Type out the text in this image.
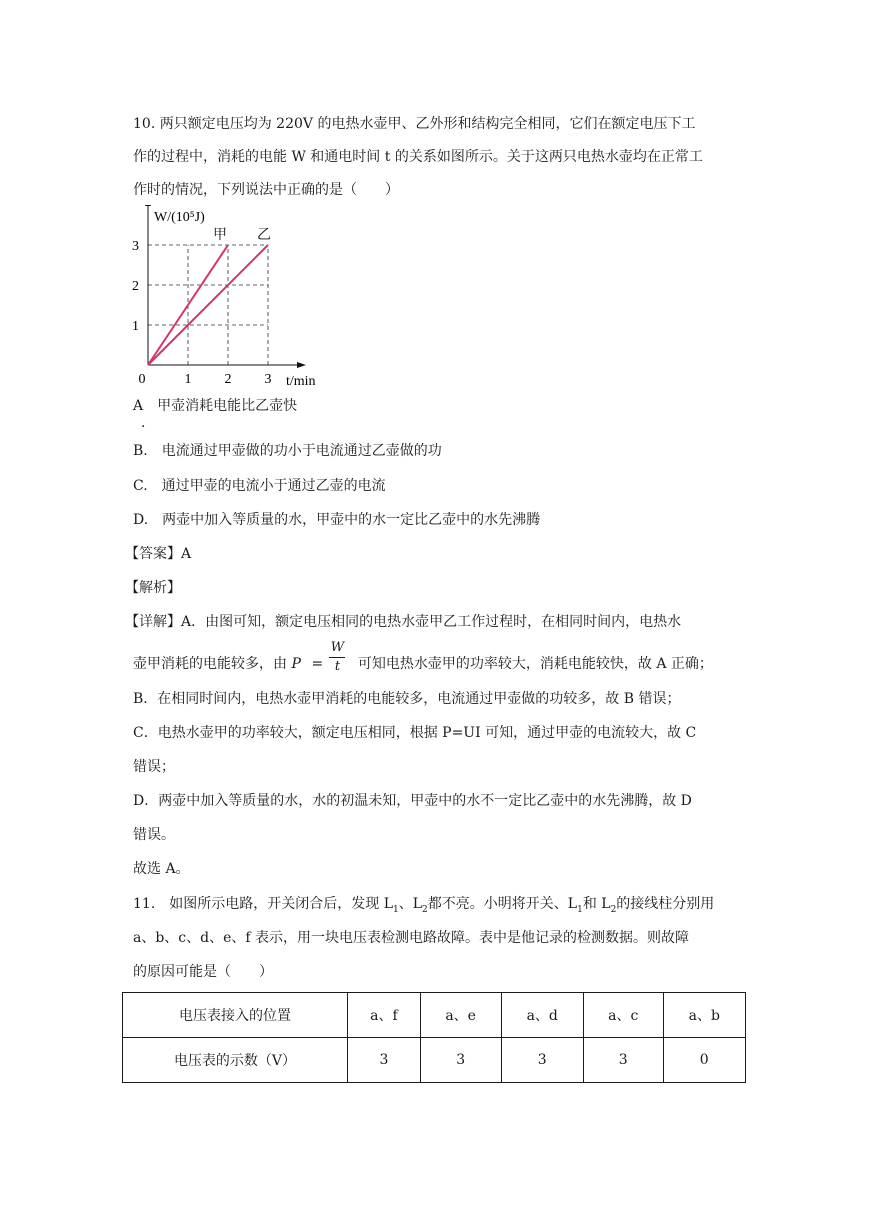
10. 两只额定电压均为 220V 的电热水壶甲、乙外形和结构完全相同，它们在额定电压下工
作的过程中，消耗的电能 W 和通电时间 t 的关系如图所示。关于这两只电热水壶均在正常工
作时的情况，下列说法中正确的是（　　）
0	1 2 3
1
2
3
W/(10⁵J)
t/min
甲 乙
A　甲壶消耗电能比乙壶快
·
B.　电流通过甲壶做的功小于电流通过乙壶做的功
C.　通过甲壶的电流小于通过乙壶的电流
D.　两壶中加入等质量的水，甲壶中的水一定比乙壶中的水先沸腾
【答案】A
【解析】
【详解】A．由图可知，额定电压相同的电热水壶甲乙工作过程时，在相同时间内，电热水
壶甲消耗的电能较多，由 P =
W
t	可知电热水壶甲的功率较大，消耗电能较快，故 A 正确；
B．在相同时间内，电热水壶甲消耗的电能较多，电流通过甲壶做的功较多，故 B 错误；
C．电热水壶甲的功率较大，额定电压相同，根据 P=UI 可知，通过甲壶的电流较大，故 C
错误；
D．两壶中加入等质量的水，水的初温未知，甲壶中的水不一定比乙壶中的水先沸腾，故 D
错误。
故选 A。
11.　如图所示电路，开关闭合后，发现 $L_1$、$L_2$都不亮。小明将开关、$L_1$和 $L_2$的接线柱分别用
a、b、c、d、e、f 表示，用一块电压表检测电路故障。表中是他记录的检测数据。则故障
的原因可能是（　　）
电压表接入的位置	a、f	a、e	a、d	a、c	a、b
电压表的示数（V）	3	3	3	3	0
